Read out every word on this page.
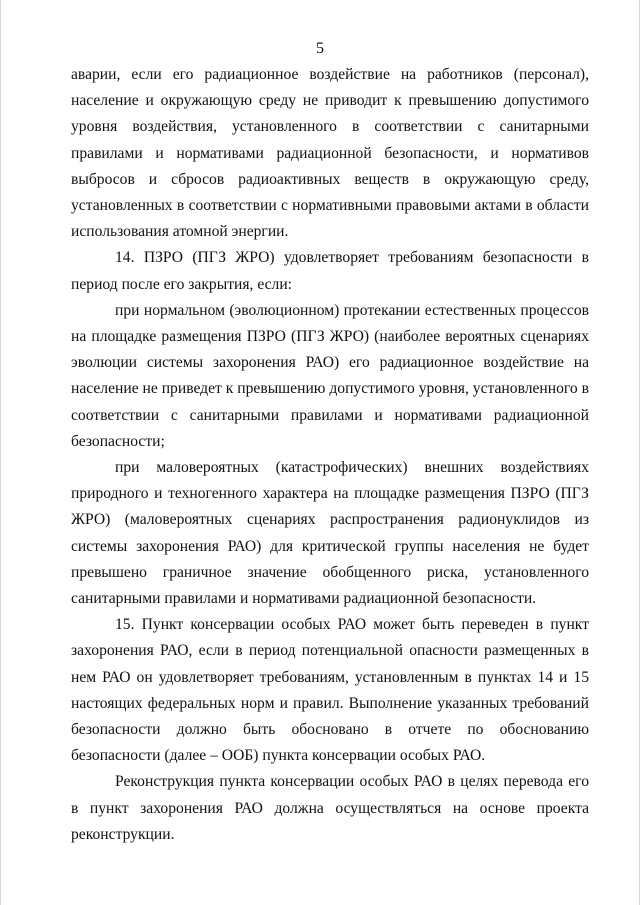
5

аварии, если его радиационное воздействие на работников (персонал), население и окружающую среду не приводит к превышению допустимого уровня воздействия, установленного в соответствии с санитарными правилами и нормативами радиационной безопасности, и нормативов выбросов и сбросов радиоактивных веществ в окружающую среду, установленных в соответствии с нормативными правовыми актами в области использования атомной энергии.

14. ПЗРО (ПГЗ ЖРО) удовлетворяет требованиям безопасности в период после его закрытия, если:

при нормальном (эволюционном) протекании естественных процессов на площадке размещения ПЗРО (ПГЗ ЖРО) (наиболее вероятных сценариях эволюции системы захоронения РАО) его радиационное воздействие на население не приведет к превышению допустимого уровня, установленного в соответствии с санитарными правилами и нормативами радиационной безопасности;

при маловероятных (катастрофических) внешних воздействиях природного и техногенного характера на площадке размещения ПЗРО (ПГЗ ЖРО) (маловероятных сценариях распространения радионуклидов из системы захоронения РАО) для критической группы населения не будет превышено граничное значение обобщенного риска, установленного санитарными правилами и нормативами радиационной безопасности.

15. Пункт консервации особых РАО может быть переведен в пункт захоронения РАО, если в период потенциальной опасности размещенных в нем РАО он удовлетворяет требованиям, установленным в пунктах 14 и 15 настоящих федеральных норм и правил. Выполнение указанных требований безопасности должно быть обосновано в отчете по обоснованию безопасности (далее – ООБ) пункта консервации особых РАО.

Реконструкция пункта консервации особых РАО в целях перевода его в пункт захоронения РАО должна осуществляться на основе проекта реконструкции.
